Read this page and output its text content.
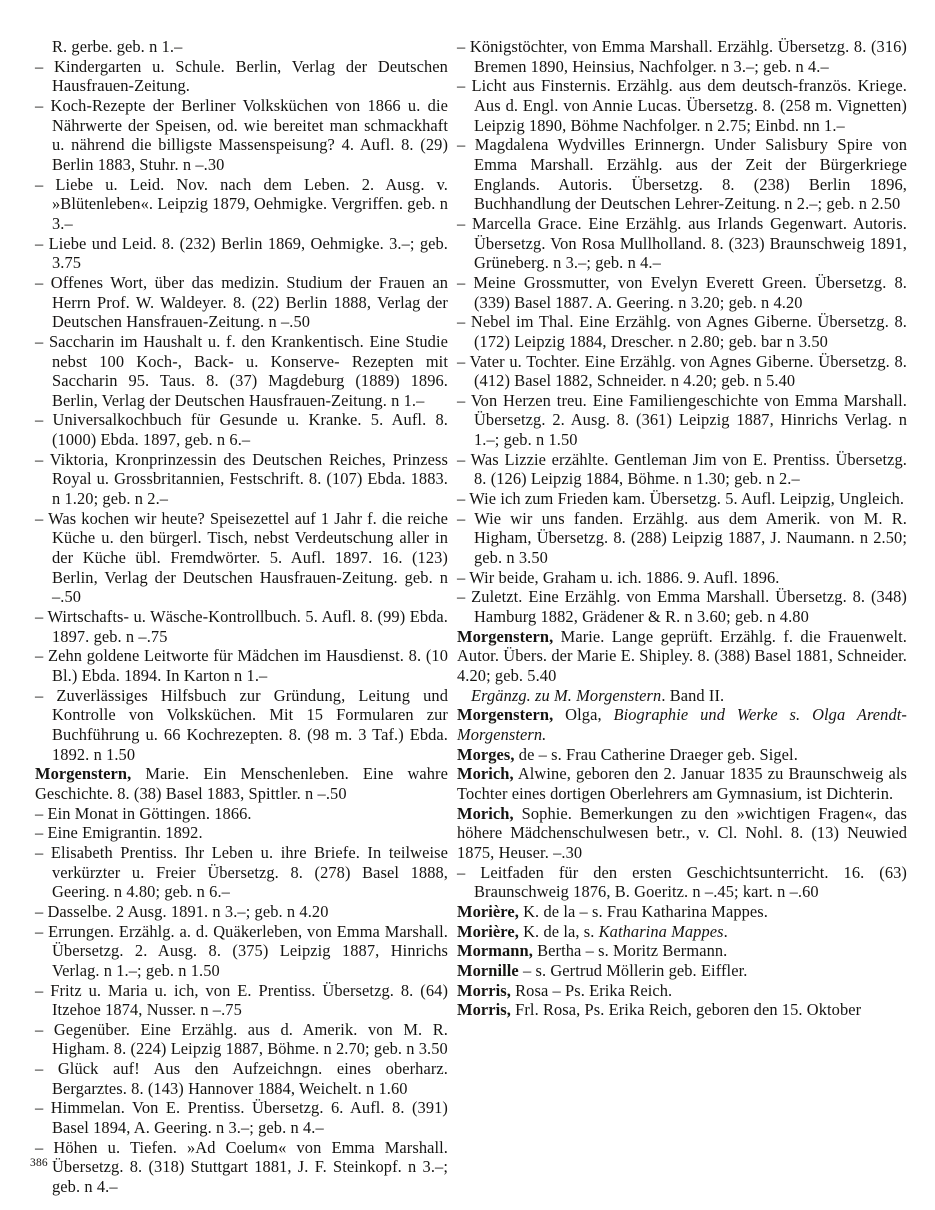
R. gerbe. geb. n 1.–

– Kindergarten u. Schule. Berlin, Verlag der Deutschen Hausfrauen-Zeitung.

– Koch-Rezepte der Berliner Volksküchen von 1866 u. die Nährwerte der Speisen, od. wie bereitet man schmackhaft u. nährend die billigste Massenspeisung? 4. Aufl. 8. (29) Berlin 1883, Stuhr. n –.30

– Liebe u. Leid. Nov. nach dem Leben. 2. Ausg. v. »Blütenleben«. Leipzig 1879, Oehmigke. Vergriffen. geb. n 3.–

– Liebe und Leid. 8. (232) Berlin 1869, Oehmigke. 3.–; geb. 3.75

– Offenes Wort, über das medizin. Studium der Frauen an Herrn Prof. W. Waldeyer. 8. (22) Berlin 1888, Verlag der Deutschen Hansfrauen-Zeitung. n –.50

– Saccharin im Haushalt u. f. den Krankentisch. Eine Studie nebst 100 Koch-, Back- u. Konserve- Rezepten mit Saccharin 95. Taus. 8. (37) Magdeburg (1889) 1896. Berlin, Verlag der Deutschen Hausfrauen-Zeitung. n 1.–

– Universalkochbuch für Gesunde u. Kranke. 5. Aufl. 8. (1000) Ebda. 1897, geb. n 6.–

– Viktoria, Kronprinzessin des Deutschen Reiches, Prinzess Royal u. Grossbritannien, Festschrift. 8. (107) Ebda. 1883. n 1.20; geb. n 2.–

– Was kochen wir heute? Speisezettel auf 1 Jahr f. die reiche Küche u. den bürgerl. Tisch, nebst Verdeutschung aller in der Küche übl. Fremdwörter. 5. Aufl. 1897. 16. (123) Berlin, Verlag der Deutschen Hausfrauen-Zeitung. geb. n –.50

– Wirtschafts- u. Wäsche-Kontrollbuch. 5. Aufl. 8. (99) Ebda. 1897. geb. n –.75

– Zehn goldene Leitworte für Mädchen im Hausdienst. 8. (10 Bl.) Ebda. 1894. In Karton n 1.–

– Zuverlässiges Hilfsbuch zur Gründung, Leitung und Kontrolle von Volksküchen. Mit 15 Formularen zur Buchführung u. 66 Kochrezepten. 8. (98 m. 3 Taf.) Ebda. 1892. n 1.50

Morgenstern, Marie. Ein Menschenleben. Eine wahre Geschichte. 8. (38) Basel 1883, Spittler. n –.50

– Ein Monat in Göttingen. 1866.

– Eine Emigrantin. 1892.

– Elisabeth Prentiss. Ihr Leben u. ihre Briefe. In teilweise verkürzter u. Freier Übersetzg. 8. (278) Basel 1888, Geering. n 4.80; geb. n 6.–

– Dasselbe. 2 Ausg. 1891. n 3.–; geb. n 4.20

– Errungen. Erzählg. a. d. Quäkerleben, von Emma Marshall. Übersetzg. 2. Ausg. 8. (375) Leipzig 1887, Hinrichs Verlag. n 1.–; geb. n 1.50

– Fritz u. Maria u. ich, von E. Prentiss. Übersetzg. 8. (64) Itzehoe 1874, Nusser. n –.75

– Gegenüber. Eine Erzählg. aus d. Amerik. von M. R. Higham. 8. (224) Leipzig 1887, Böhme. n 2.70; geb. n 3.50

– Glück auf! Aus den Aufzeichngn. eines oberharz. Bergarztes. 8. (143) Hannover 1884, Weichelt. n 1.60

– Himmelan. Von E. Prentiss. Übersetzg. 6. Aufl. 8. (391) Basel 1894, A. Geering. n 3.–; geb. n 4.–

– Höhen u. Tiefen. »Ad Coelum« von Emma Marshall. Übersetzg. 8. (318) Stuttgart 1881, J. F. Steinkopf. n 3.–; geb. n 4.–

– Königstöchter, von Emma Marshall. Erzählg. Übersetzg. 8. (316) Bremen 1890, Heinsius, Nachfolger. n 3.–; geb. n 4.–

– Licht aus Finsternis. Erzählg. aus dem deutsch-französ. Kriege. Aus d. Engl. von Annie Lucas. Übersetzg. 8. (258 m. Vignetten) Leipzig 1890, Böhme Nachfolger. n 2.75; Einbd. nn 1.–

– Magdalena Wydvilles Erinnergn. Under Salisbury Spire von Emma Marshall. Erzählg. aus der Zeit der Bürgerkriege Englands. Autoris. Übersetzg. 8. (238) Berlin 1896, Buchhandlung der Deutschen Lehrer-Zeitung. n 2.–; geb. n 2.50

– Marcella Grace. Eine Erzählg. aus Irlands Gegenwart. Autoris. Übersetzg. Von Rosa Mullholland. 8. (323) Braunschweig 1891, Grüneberg. n 3.–; geb. n 4.–

– Meine Grossmutter, von Evelyn Everett Green. Übersetzg. 8. (339) Basel 1887. A. Geering. n 3.20; geb. n 4.20

– Nebel im Thal. Eine Erzählg. von Agnes Giberne. Übersetzg. 8. (172) Leipzig 1884, Drescher. n 2.80; geb. bar n 3.50

– Vater u. Tochter. Eine Erzählg. von Agnes Giberne. Übersetzg. 8. (412) Basel 1882, Schneider. n 4.20; geb. n 5.40

– Von Herzen treu. Eine Familiengeschichte von Emma Marshall. Übersetzg. 2. Ausg. 8. (361) Leipzig 1887, Hinrichs Verlag. n 1.–; geb. n 1.50

– Was Lizzie erzählte. Gentleman Jim von E. Prentiss. Übersetzg. 8. (126) Leipzig 1884, Böhme. n 1.30; geb. n 2.–

– Wie ich zum Frieden kam. Übersetzg. 5. Aufl. Leipzig, Ungleich.

– Wie wir uns fanden. Erzählg. aus dem Amerik. von M. R. Higham, Übersetzg. 8. (288) Leipzig 1887, J. Naumann. n 2.50; geb. n 3.50

– Wir beide, Graham u. ich. 1886. 9. Aufl. 1896.

– Zuletzt. Eine Erzählg. von Emma Marshall. Übersetzg. 8. (348) Hamburg 1882, Grädener & R. n 3.60; geb. n 4.80

Morgenstern, Marie. Lange geprüft. Erzählg. f. die Frauenwelt. Autor. Übers. der Marie E. Shipley. 8. (388) Basel 1881, Schneider. 4.20; geb. 5.40

Ergänzg. zu M. Morgenstern. Band II.

Morgenstern, Olga, Biographie und Werke s. Olga Arendt-Morgenstern.

Morges, de – s. Frau Catherine Draeger geb. Sigel.

Morich, Alwine, geboren den 2. Januar 1835 zu Braunschweig als Tochter eines dortigen Oberlehrers am Gymnasium, ist Dichterin.

Morich, Sophie. Bemerkungen zu den »wichtigen Fragen«, das höhere Mädchenschulwesen betr., v. Cl. Nohl. 8. (13) Neuwied 1875, Heuser. –.30

– Leitfaden für den ersten Geschichtsunterricht. 16. (63) Braunschweig 1876, B. Goeritz. n –.45; kart. n –.60

Morière, K. de la – s. Frau Katharina Mappes.

Morière, K. de la, s. Katharina Mappes.

Mormann, Bertha – s. Moritz Bermann.

Mornille – s. Gertrud Möllerin geb. Eiffler.

Morris, Rosa – Ps. Erika Reich.

Morris, Frl. Rosa, Ps. Erika Reich, geboren den 15. Oktober

386
